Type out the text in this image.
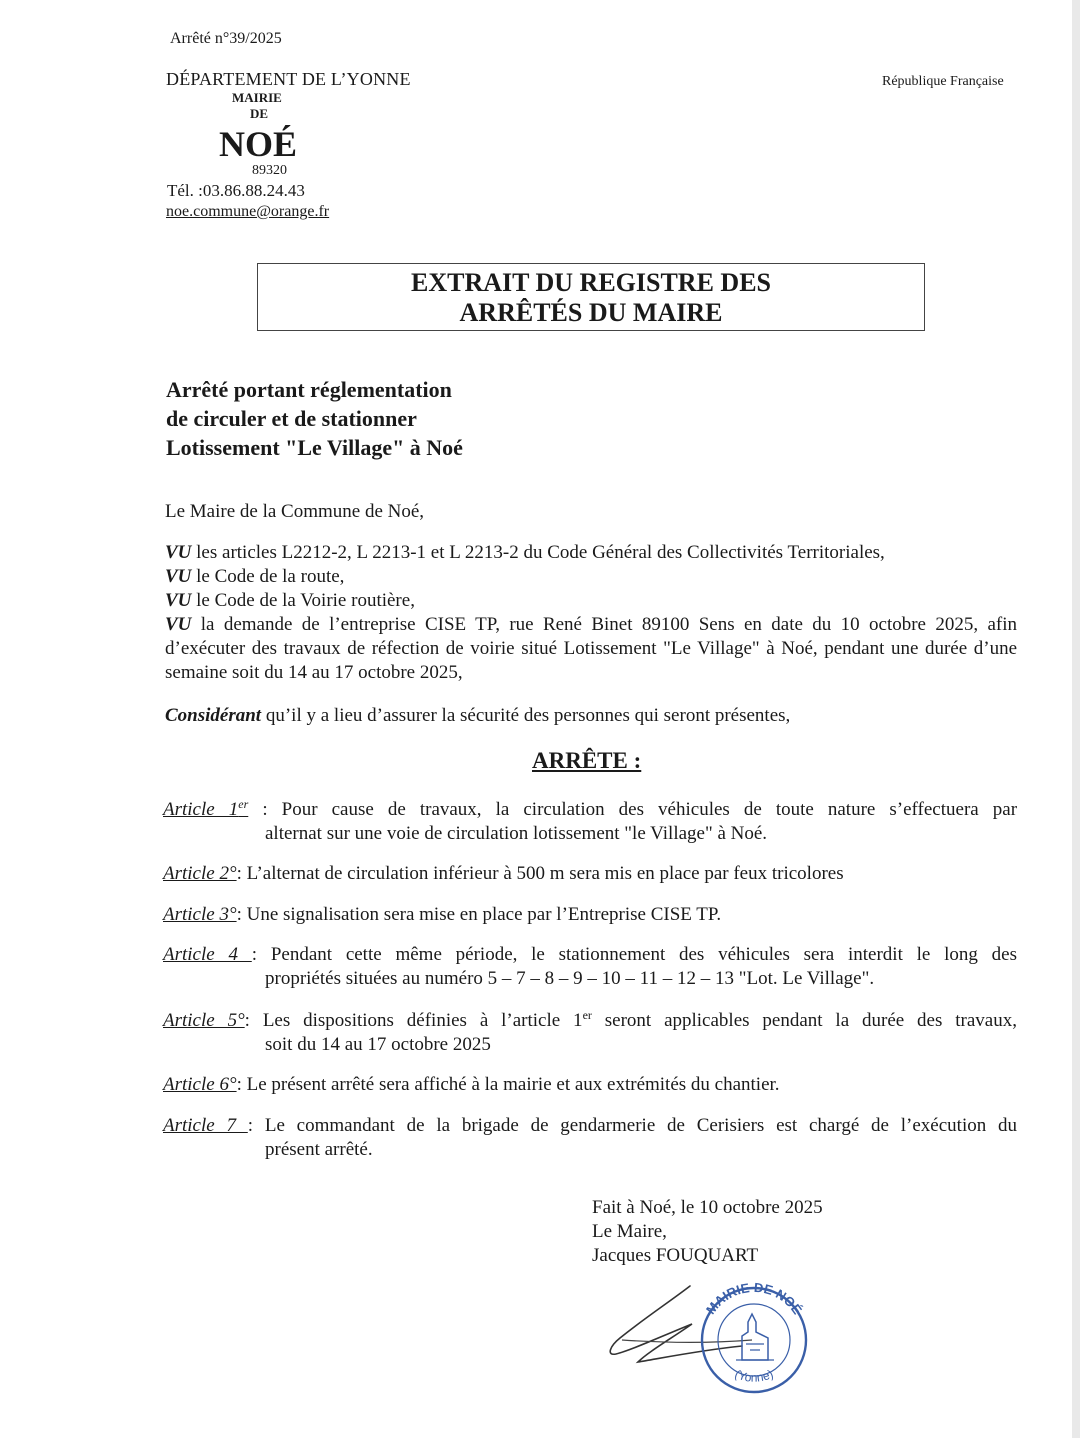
Arrêté n°39/2025
DÉPARTEMENT DE L’YONNE
MAIRIE
DE
NOÉ
89320
Tél. :03.86.88.24.43
noe.commune@orange.fr
République Française
EXTRAIT DU REGISTRE DES
ARRÊTÉS DU MAIRE
Arrêté portant réglementation
de circuler et de stationner
Lotissement "Le Village" à Noé
Le Maire de la Commune de Noé,
VU les articles L2212-2, L 2213-1 et L 2213-2 du Code Général des Collectivités Territoriales,
VU le Code de la route,
VU le Code de la Voirie routière,
VU la demande de l’entreprise CISE TP, rue René Binet 89100 Sens en date du 10 octobre 2025, afin d’exécuter des travaux de réfection de voirie situé Lotissement "Le Village" à Noé, pendant une durée d’une semaine soit du 14 au 17 octobre 2025,
Considérant qu’il y a lieu d’assurer la sécurité des personnes qui seront présentes,
ARRÊTE :
Article 1er : Pour cause de travaux, la circulation des véhicules de toute nature s’effectuera par
alternat sur une voie de circulation lotissement "le Village" à Noé.
Article 2°: L’alternat de circulation inférieur à 500 m sera mis en place par feux tricolores
Article 3°: Une signalisation sera mise en place par l’Entreprise CISE TP.
Article 4 : Pendant cette même période, le stationnement des véhicules sera interdit le long des
propriétés situées au numéro 5 – 7 – 8 – 9 – 10 – 11 – 12 – 13 "Lot. Le Village".
Article 5°: Les dispositions définies à l’article 1er seront applicables pendant la durée des travaux,
soit du 14 au 17 octobre 2025
Article 6°: Le présent arrêté sera affiché à la mairie et aux extrémités du chantier.
Article 7 : Le commandant de la brigade de gendarmerie de Cerisiers est chargé de l’exécution du
présent arrêté.
Fait à Noé, le 10 octobre 2025
Le Maire,
Jacques FOUQUART
MAIRIE DE NOÉ
(Yonne)
